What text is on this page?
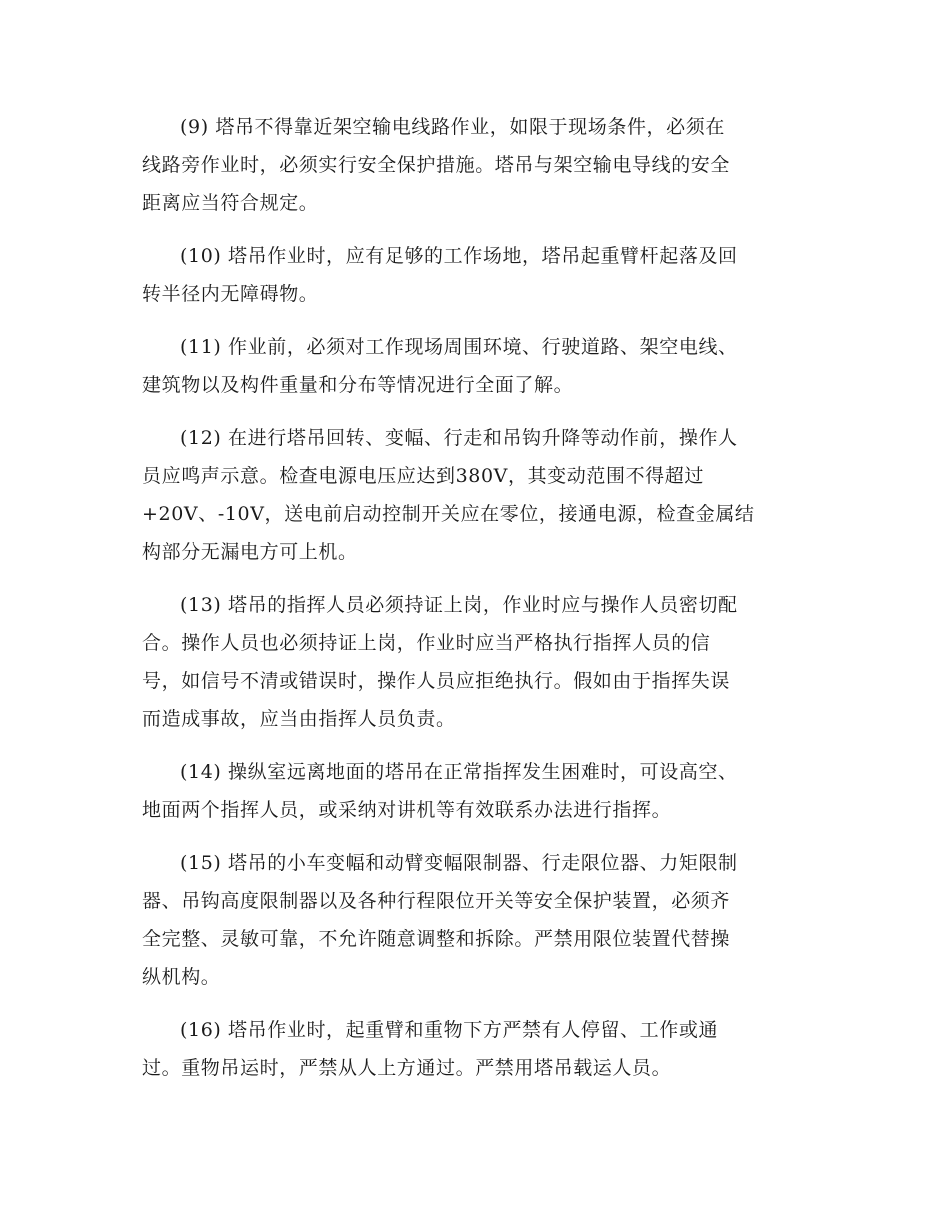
(9) 塔吊不得靠近架空输电线路作业，如限于现场条件，必须在
线路旁作业时，必须实行安全保护措施。塔吊与架空输电导线的安全
距离应当符合规定。

(10) 塔吊作业时，应有足够的工作场地，塔吊起重臂杆起落及回
转半径内无障碍物。

(11) 作业前，必须对工作现场周围环境、行驶道路、架空电线、
建筑物以及构件重量和分布等情况进行全面了解。

(12) 在进行塔吊回转、变幅、行走和吊钩升降等动作前，操作人
员应鸣声示意。检查电源电压应达到380V，其变动范围不得超过
+20V、-10V，送电前启动控制开关应在零位，接通电源，检查金属结
构部分无漏电方可上机。

(13) 塔吊的指挥人员必须持证上岗，作业时应与操作人员密切配
合。操作人员也必须持证上岗，作业时应当严格执行指挥人员的信
号，如信号不清或错误时，操作人员应拒绝执行。假如由于指挥失误
而造成事故，应当由指挥人员负责。

(14) 操纵室远离地面的塔吊在正常指挥发生困难时，可设高空、
地面两个指挥人员，或采纳对讲机等有效联系办法进行指挥。

(15) 塔吊的小车变幅和动臂变幅限制器、行走限位器、力矩限制
器、吊钩高度限制器以及各种行程限位开关等安全保护装置，必须齐
全完整、灵敏可靠，不允许随意调整和拆除。严禁用限位装置代替操
纵机构。

(16) 塔吊作业时，起重臂和重物下方严禁有人停留、工作或通
过。重物吊运时，严禁从人上方通过。严禁用塔吊载运人员。
